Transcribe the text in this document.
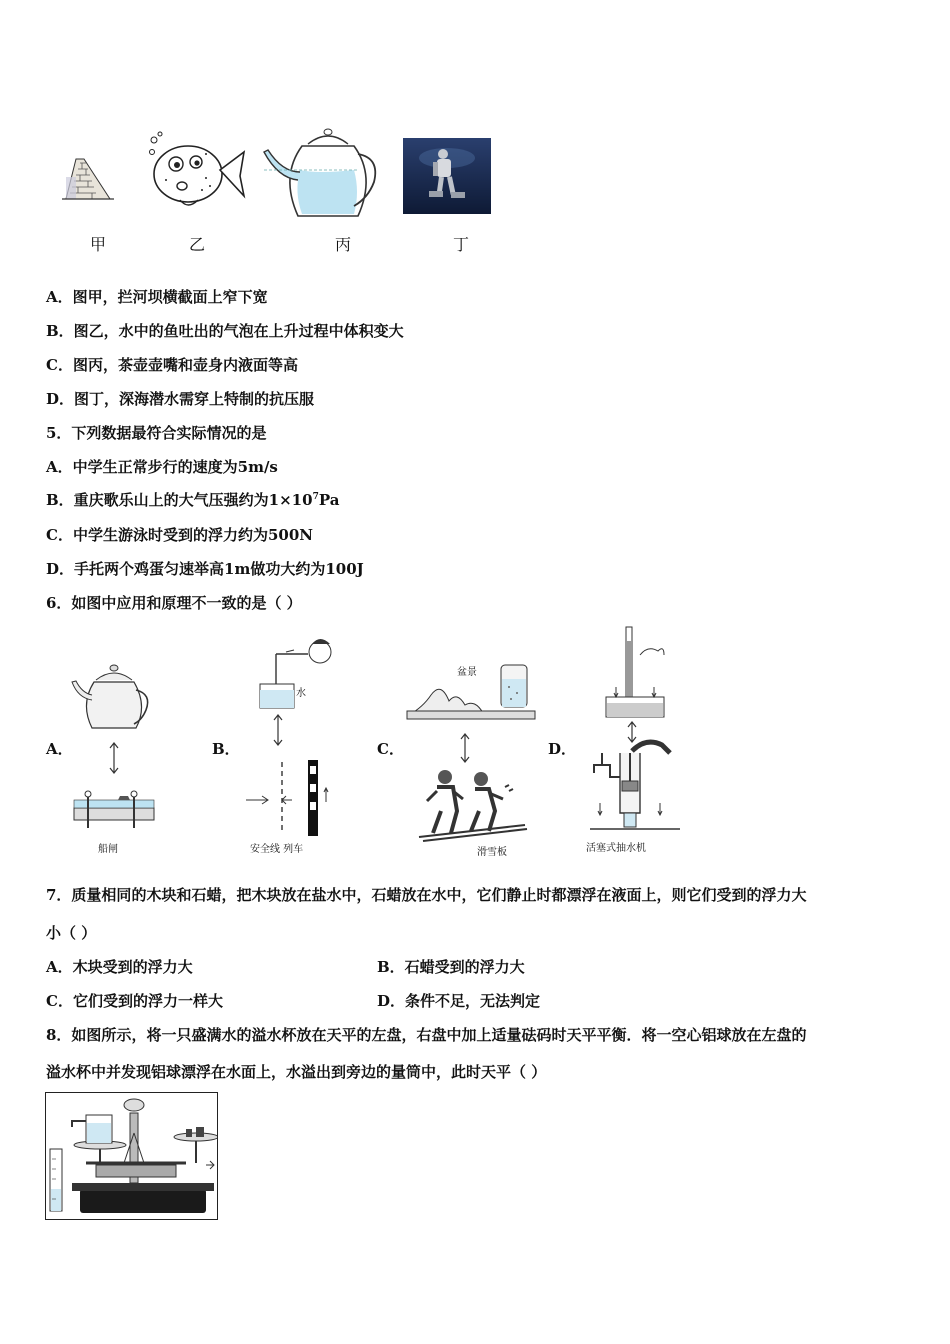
甲	乙	丙	丁
A．图甲，拦河坝横截面上窄下宽
B．图乙，水中的鱼吐出的气泡在上升过程中体积变大
C．图丙，茶壶壶嘴和壶身内液面等高
D．图丁，深海潜水需穿上特制的抗压服
5．下列数据最符合实际情况的是
A．中学生正常步行的速度为5m/s
B．重庆歌乐山上的大气压强约为$1\times 10^7Pa$
C．中学生游泳时受到的浮力约为500N
D．手托两个鸡蛋匀速举高1m做功大约为100J
6．如图中应用和原理不一致的是（ ）
A．	B．	C．	D．
船闸
水
安全线 列车
盆景
滑雪板	活塞式抽水机
7．质量相同的木块和石蜡，把木块放在盐水中，石蜡放在水中，它们静止时都漂浮在液面上，则它们受到的浮力大
小（ ）
A．木块受到的浮力大	B．石蜡受到的浮力大
C．它们受到的浮力一样大	D．条件不足，无法判定
8．如图所示，将一只盛满水的溢水杯放在天平的左盘，右盘中加上适量砝码时天平平衡．将一空心铝球放在左盘的
溢水杯中并发现铝球漂浮在水面上，水溢出到旁边的量筒中，此时天平（ ）
